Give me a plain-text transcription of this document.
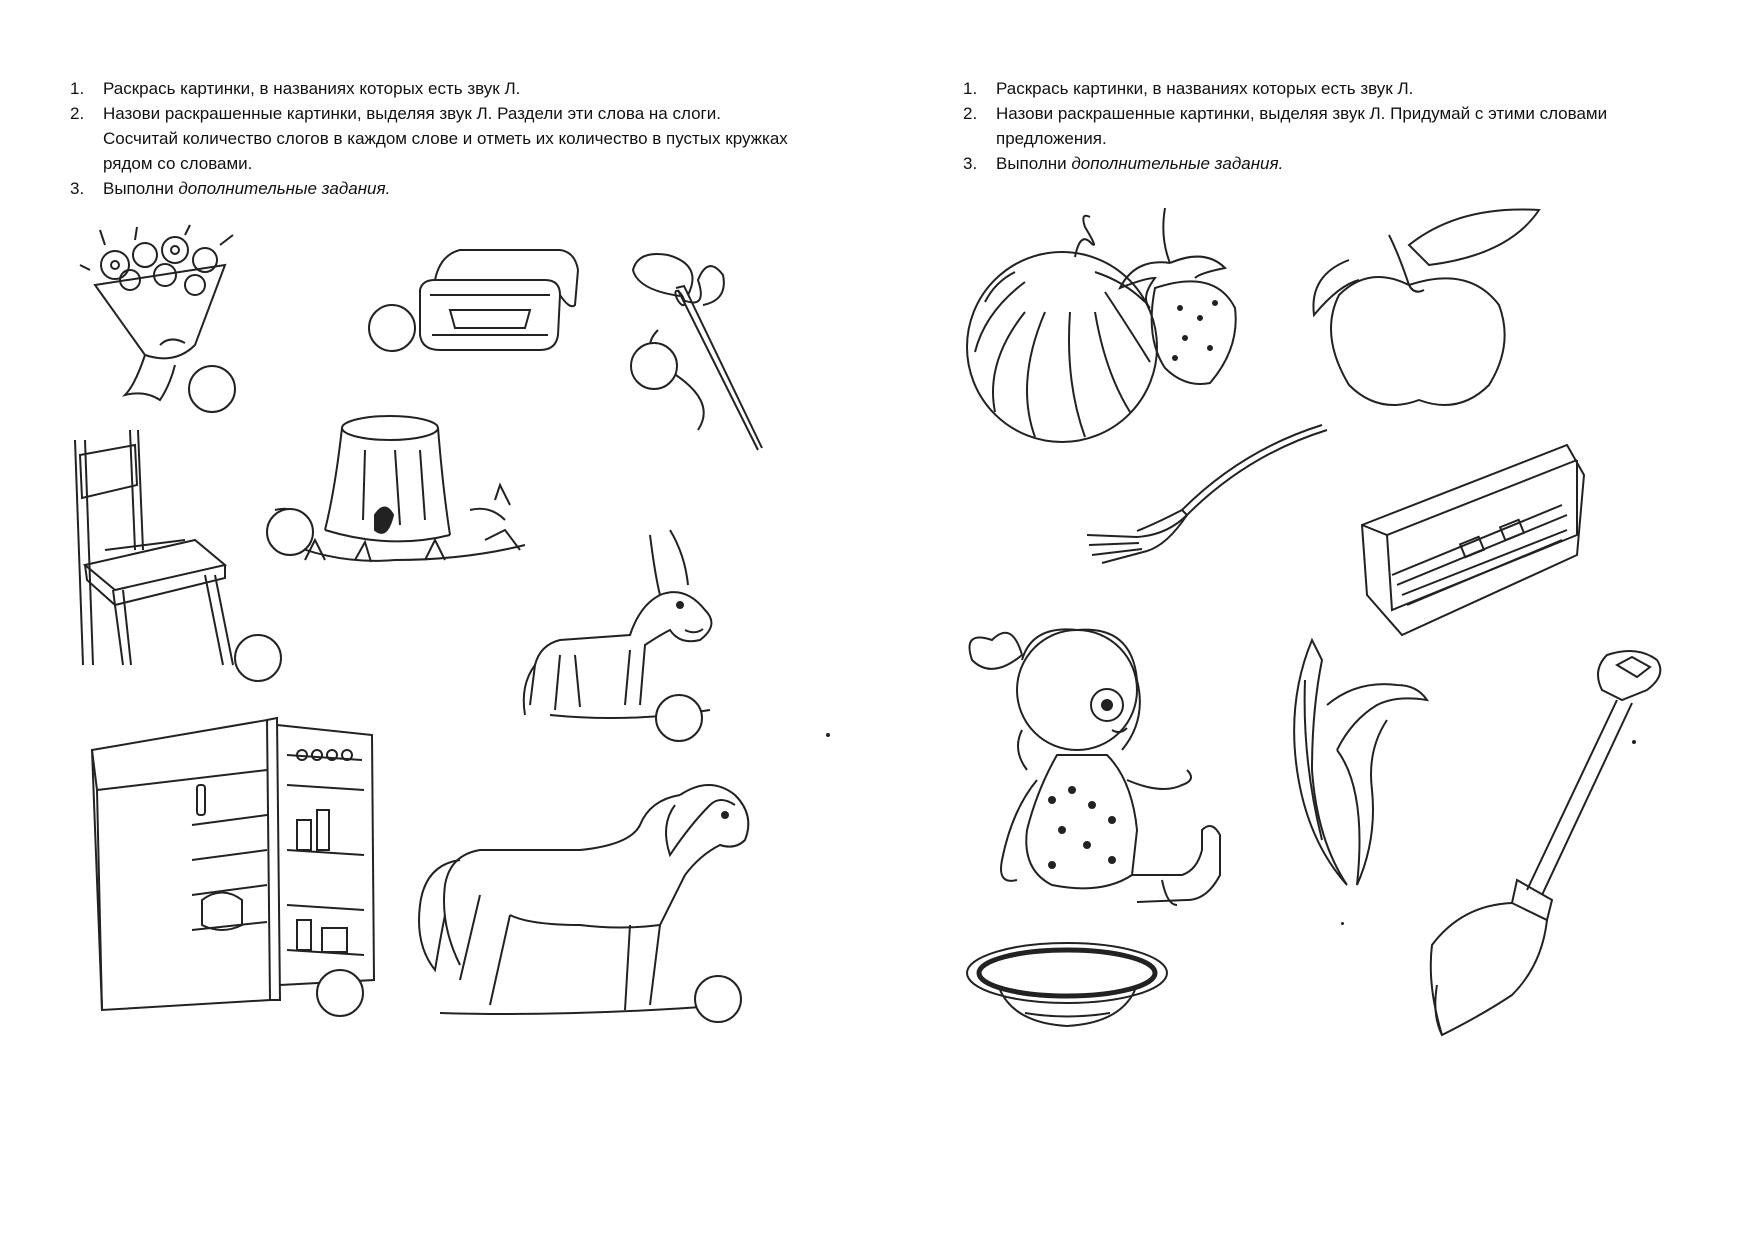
1. Раскрась картинки, в названиях которых есть звук Л.
2. Назови раскрашенные картинки, выделяя звук Л. Раздели эти слова на слоги. Сосчитай количество слогов в каждом слове и отметь их количество в пустых кружках рядом со словами.
3. Выполни дополнительные задания.
1. Раскрась картинки, в названиях которых есть звук Л.
2. Назови раскрашенные картинки, выделяя звук Л. Придумай с этими словами предложения.
3. Выполни дополнительные задания.
